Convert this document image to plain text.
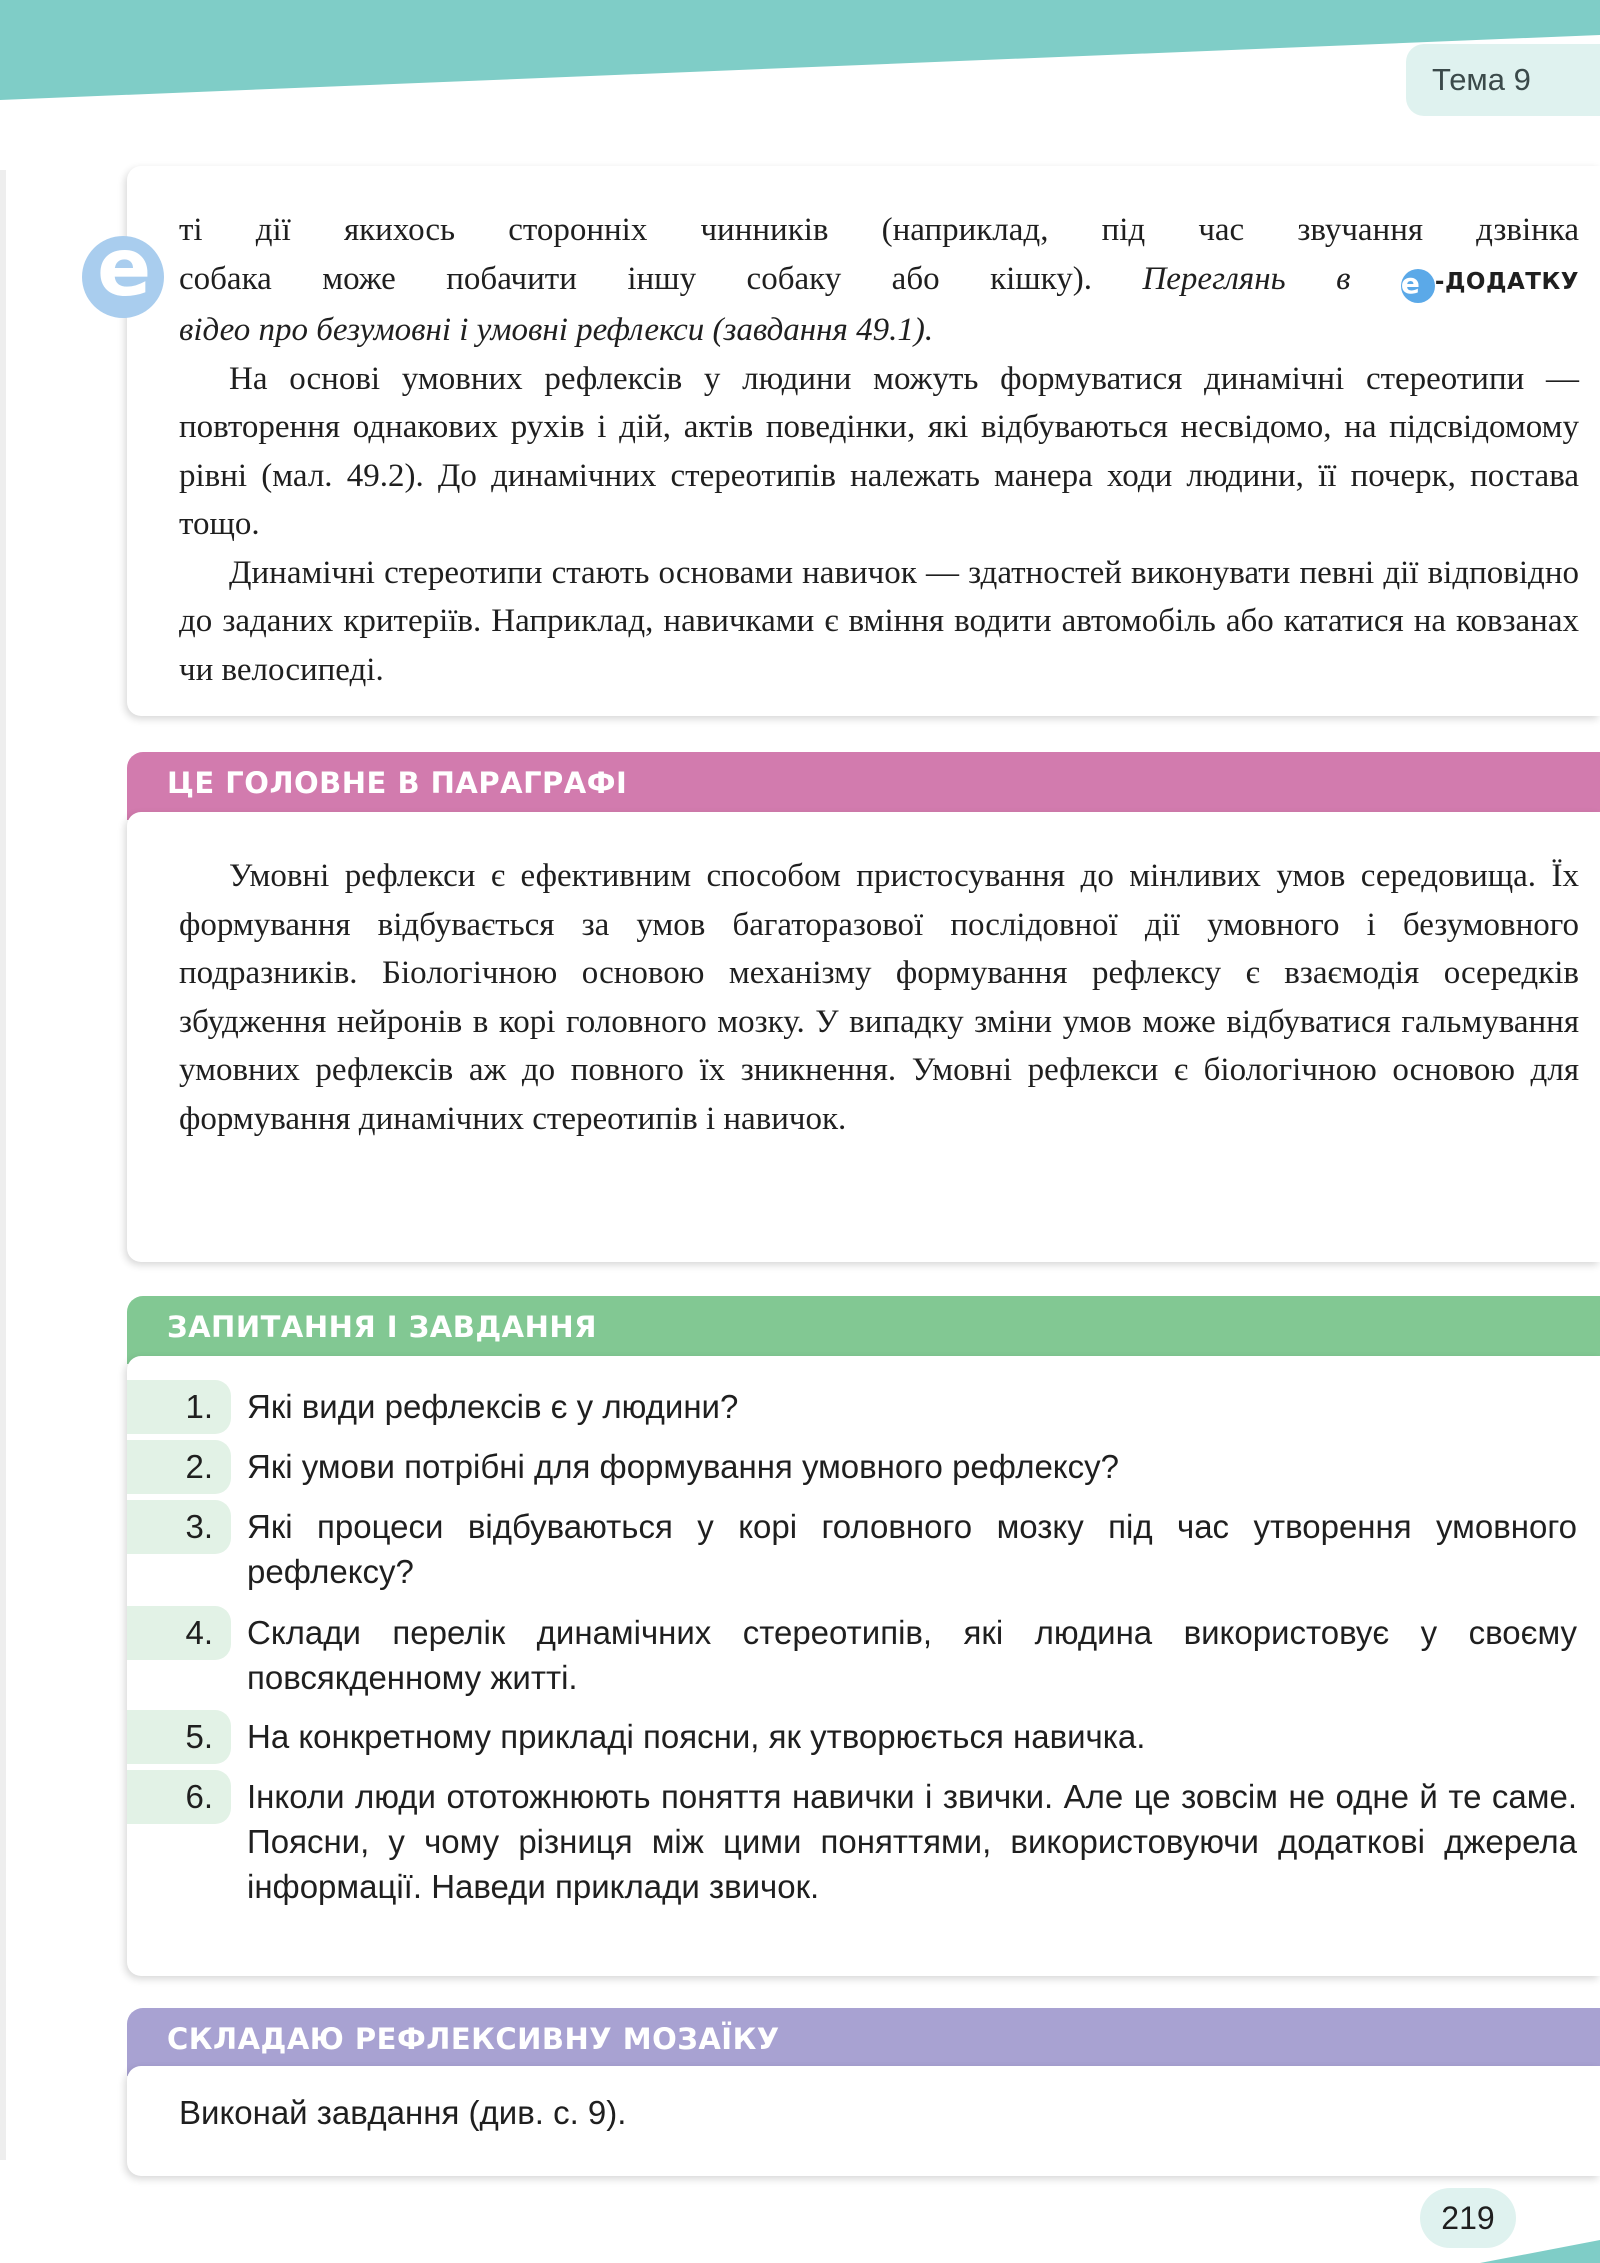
Тема 9

ті дії якихось сторонніх чинників (наприклад, під час звучання дзвінка

собака може побачити іншу собаку або кішку). Переглянь в e -ДОДАТКУ

відео про безумовні і умовні рефлекси (завдання 49.1).

На основі умовних рефлексів у людини можуть формуватися динамічні стереотипи — повторення однакових рухів і дій, актів поведінки, які відбуваються несвідомо, на підсвідомому рівні (мал. 49.2). До динамічних стереотипів належать манера ходи людини, її почерк, постава тощо.

Динамічні стереотипи стають основами навичок — здатностей виконувати певні дії відповідно до заданих критеріїв. Наприклад, навичками є вміння водити автомобіль або кататися на ковзанах чи велосипеді.

e
ЦЕ ГОЛОВНЕ В ПАРАГРАФІ

Умовні рефлекси є ефективним способом пристосування до мінливих умов середовища. Їх формування відбувається за умов багаторазової послідовної дії умовного і безумовного подразників. Біологічною основою механізму формування рефлексу є взаємодія осередків збудження нейронів в корі головного мозку. У випадку зміни умов може відбуватися гальмування умовних рефлексів аж до повного їх зникнення. Умовні рефлекси є біологічною основою для формування динамічних стереотипів і навичок.

ЗАПИТАННЯ І ЗАВДАННЯ
1.	Які види рефлексів є у людини?
2.	Які умови потрібні для формування умовного рефлексу?
3.	Які процеси відбуваються у корі головного мозку під час утворення умовного рефлексу?
4.	Склади перелік динамічних стереотипів, які людина використовує у своєму повсякденному житті.
5.	На конкретному прикладі поясни, як утворюється навичка.
6.	Інколи люди ототожнюють поняття навички і звички. Але це зовсім не одне й те саме. Поясни, у чому різниця між цими поняттями, використовуючи додаткові джерела інформації. Наведи приклади звичок.
СКЛАДАЮ РЕФЛЕКСИВНУ МОЗАЇКУ
Виконай завдання (див. с. 9).
219
